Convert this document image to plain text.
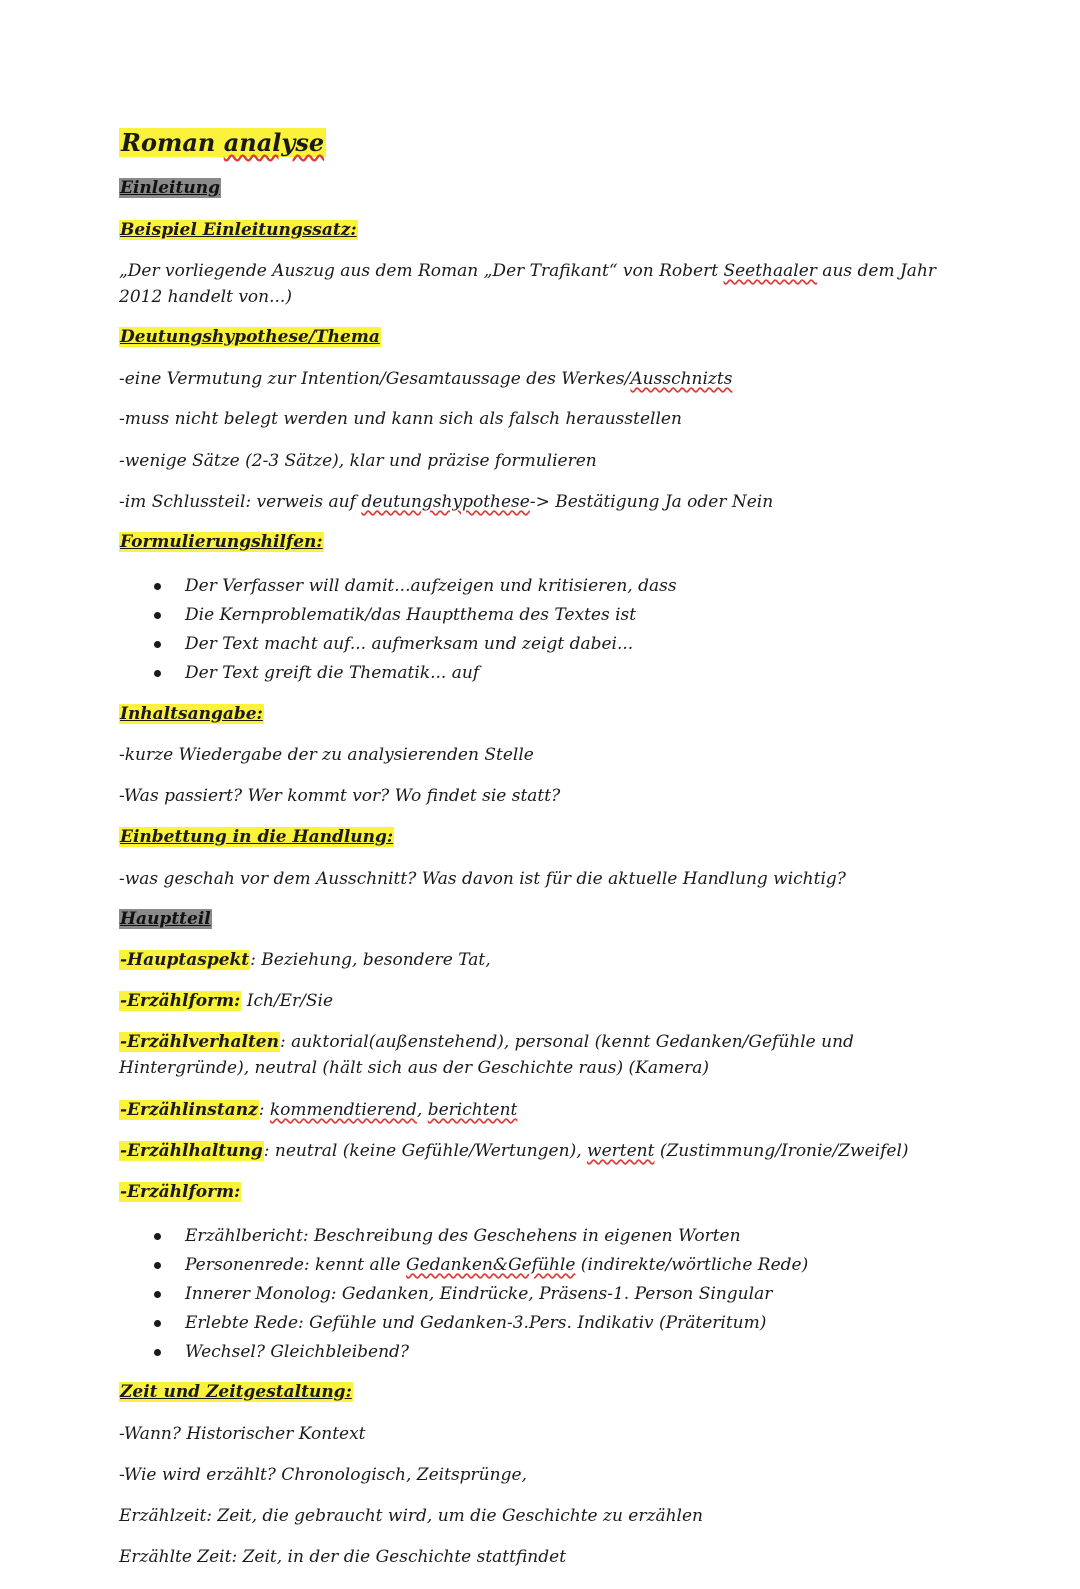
Roman analyse
Einleitung
Beispiel Einleitungssatz:
„Der vorliegende Auszug aus dem Roman „Der Trafikant“ von Robert Seethaaler aus dem Jahr 2012 handelt von...)
Deutungshypothese/Thema
-eine Vermutung zur Intention/Gesamtaussage des Werkes/Ausschnizts
-muss nicht belegt werden und kann sich als falsch herausstellen
-wenige Sätze (2-3 Sätze), klar und präzise formulieren
-im Schlussteil: verweis auf deutungshypothese-> Bestätigung Ja oder Nein
Formulierungshilfen:
Der Verfasser will damit...aufzeigen und kritisieren, dass
Die Kernproblematik/das Hauptthema des Textes ist
Der Text macht auf... aufmerksam und zeigt dabei...
Der Text greift die Thematik... auf
Inhaltsangabe:
-kurze Wiedergabe der zu analysierenden Stelle
-Was passiert? Wer kommt vor? Wo findet sie statt?
Einbettung in die Handlung:
-was geschah vor dem Ausschnitt? Was davon ist für die aktuelle Handlung wichtig?
Hauptteil
-Hauptaspekt: Beziehung, besondere Tat,
-Erzählform: Ich/Er/Sie
-Erzählverhalten: auktorial(außenstehend), personal (kennt Gedanken/Gefühle und Hintergründe), neutral (hält sich aus der Geschichte raus) (Kamera)
-Erzählinstanz: kommendtierend, berichtent
-Erzählhaltung: neutral (keine Gefühle/Wertungen), wertent (Zustimmung/Ironie/Zweifel)
-Erzählform:
Erzählbericht: Beschreibung des Geschehens in eigenen Worten
Personenrede: kennt alle Gedanken&Gefühle (indirekte/wörtliche Rede)
Innerer Monolog: Gedanken, Eindrücke, Präsens-1. Person Singular
Erlebte Rede: Gefühle und Gedanken-3.Pers. Indikativ (Präteritum)
Wechsel? Gleichbleibend?
Zeit und Zeitgestaltung:
-Wann? Historischer Kontext
-Wie wird erzählt? Chronologisch, Zeitsprünge,
Erzählzeit: Zeit, die gebraucht wird, um die Geschichte zu erzählen
Erzählte Zeit: Zeit, in der die Geschichte stattfindet
